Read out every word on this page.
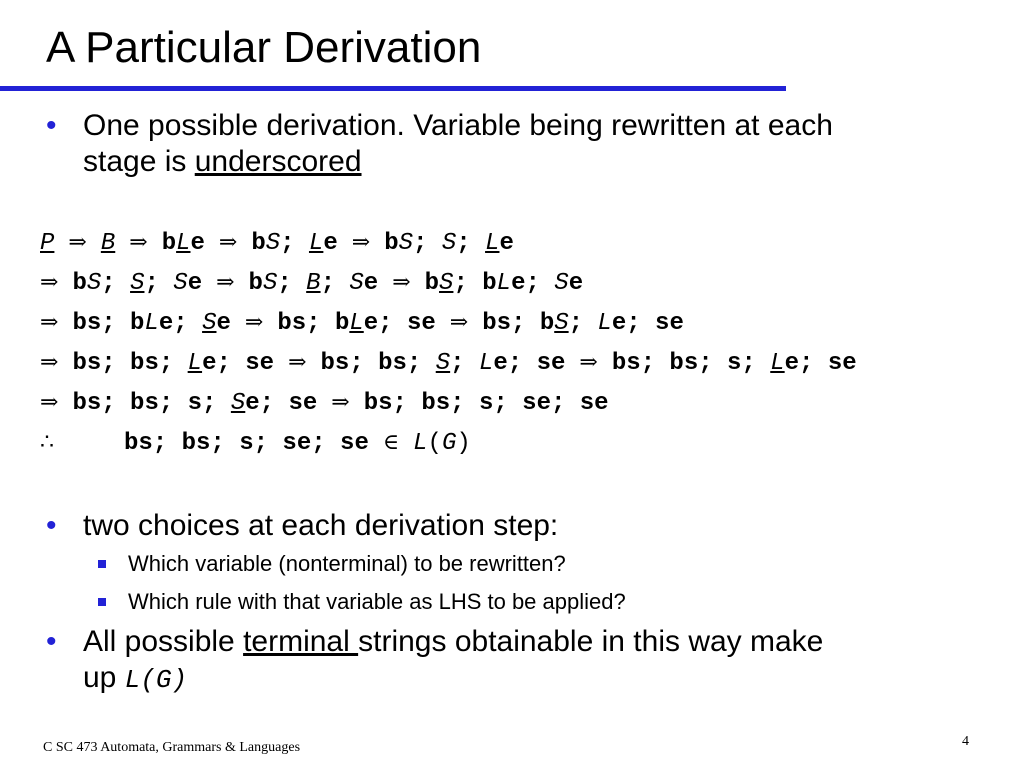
A Particular Derivation
• One possible derivation. Variable being rewritten at each
stage is underscored
P ⇒ B ⇒ bLe ⇒ bS; Le ⇒ bS; S; Le
⇒ bS; S; Se ⇒ bS; B; Se ⇒ bS; bLe; Se
⇒ bs; bLe; Se ⇒ bs; bLe; se ⇒ bs; bS; Le; se
⇒ bs; bs; Le; se ⇒ bs; bs; S; Le; se ⇒ bs; bs; s; Le; se
⇒ bs; bs; s; Se; se ⇒ bs; bs; s; se; se
∴	bs; bs; s; se; se ∈ L(G)
• two choices at each derivation step:
Which variable (nonterminal) to be rewritten?
Which rule with that variable as LHS to be applied?
• All possible terminal strings obtainable in this way make
up L(G)
C SC 473 Automata, Grammars & Languages	4
